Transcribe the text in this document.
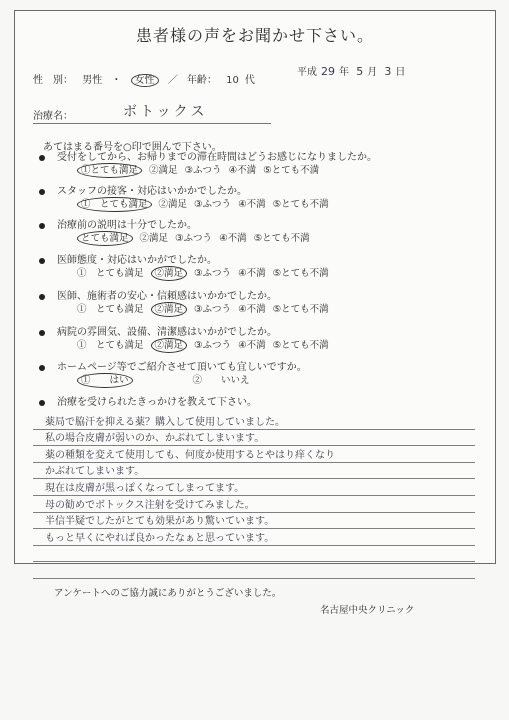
患者様の声をお聞かせ下さい。
平成 29 年 5 月 3 日
性　別： 男性 ・ 女性 ／ 年齢： 10 代
治療名：	ボトックス
あてはまる番号を○印で囲んで下さい。
受付をしてから、お帰りまでの滞在時間はどうお感じになりましたか。
①とても満足 ②満足 ③ふつう ④不満 ⑤とても不満
スタッフの接客・対応はいかかでしたか。
①　とても満足 ②満足 ③ふつう ④不満 ⑤とても不満
治療前の説明は十分でしたか。
とても満足 ②満足 ③ふつう ④不満 ⑤とても不満
医師態度・対応はいかがでしたか。
①　とても満足 ②満足 ③ふつう ④不満 ⑤とても不満
医師、施術者の安心・信頼感はいかかでしたか。
①　とても満足 ②満足 ③ふつう ④不満 ⑤とても不満
病院の雰囲気、設備、清潔感はいかがでしたか。
①　とても満足 ②満足 ③ふつう ④不満 ⑤とても不満
ホームページ等でご紹介させて頂いても宜しいですか。
①　　はい	②　　いいえ
治療を受けられたきっかけを教えて下さい。
薬局で脇汗を抑える薬？購入して使用していました。
私の場合皮膚が弱いのか、かぶれてしまいます。
薬の種類を変えて使用しても、何度か使用するとやはり痒くなり
かぶれてしまいます。
現在は皮膚が黒っぽくなってしまってます。
母の勧めでボトックス注射を受けてみました。
半信半疑でしたがとても効果があり驚いています。
もっと早くにやれば良かったなぁと思っています。
アンケートへのご協力誠にありがとうございました。
名古屋中央クリニック
